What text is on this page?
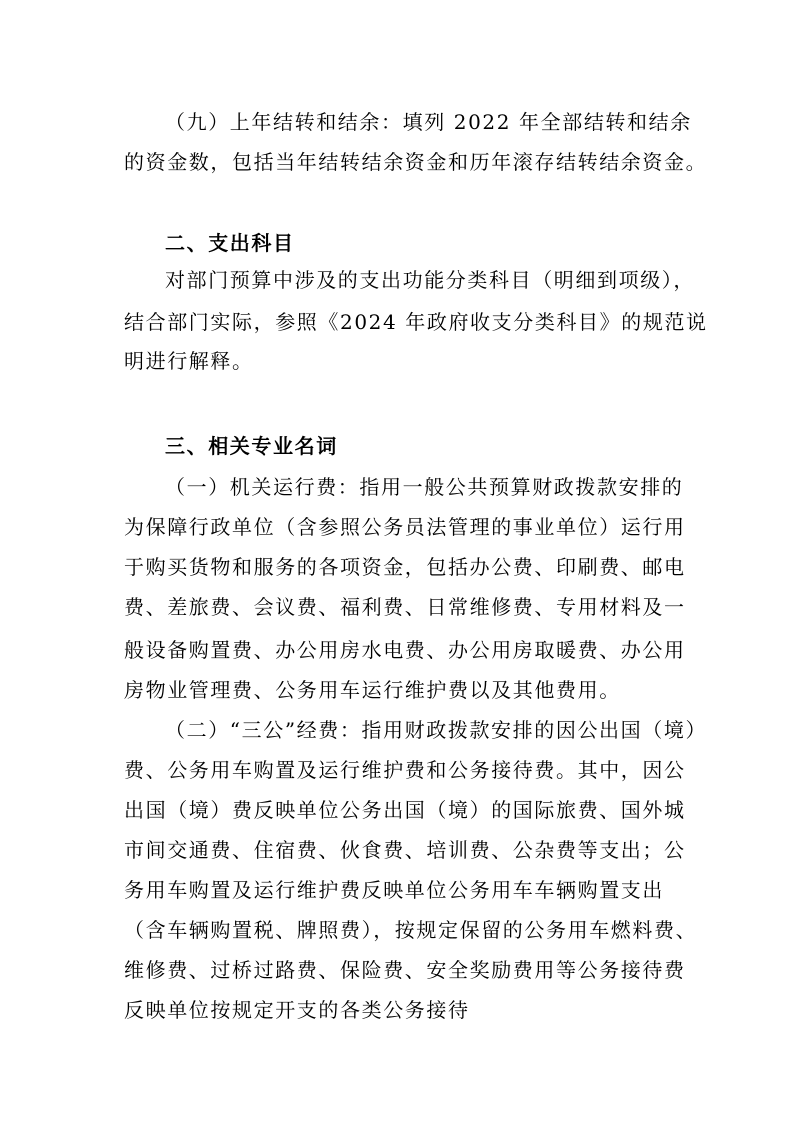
（九）上年结转和结余：填列 2022 年全部结转和结余
的资金数，包括当年结转结余资金和历年滚存结转结余资金。
二、支出科目
对部门预算中涉及的支出功能分类科目（明细到项级），
结合部门实际，参照《2024 年政府收支分类科目》的规范说
明进行解释。
三、相关专业名词
（一）机关运行费：指用一般公共预算财政拨款安排的
为保障行政单位（含参照公务员法管理的事业单位）运行用
于购买货物和服务的各项资金，包括办公费、印刷费、邮电
费、差旅费、会议费、福利费、日常维修费、专用材料及一
般设备购置费、办公用房水电费、办公用房取暖费、办公用
房物业管理费、公务用车运行维护费以及其他费用。
（二）“三公”经费：指用财政拨款安排的因公出国（境）
费、公务用车购置及运行维护费和公务接待费。其中，因公
出国（境）费反映单位公务出国（境）的国际旅费、国外城
市间交通费、住宿费、伙食费、培训费、公杂费等支出；公
务用车购置及运行维护费反映单位公务用车车辆购置支出
（含车辆购置税、牌照费），按规定保留的公务用车燃料费、
维修费、过桥过路费、保险费、安全奖励费用等公务接待费
反映单位按规定开支的各类公务接待
